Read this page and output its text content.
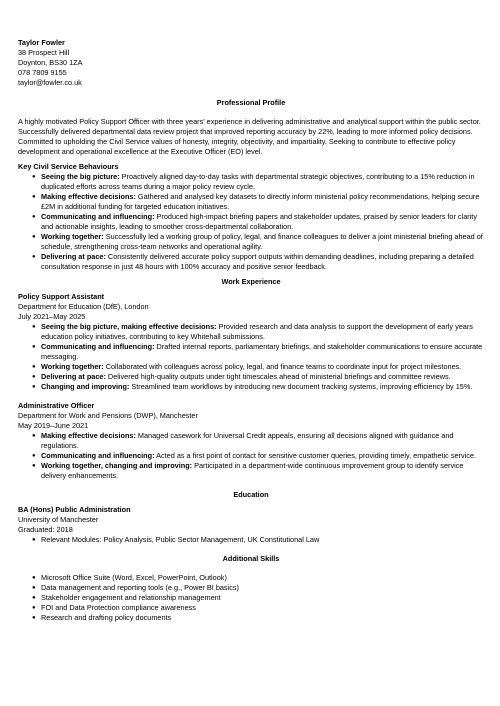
Taylor Fowler
38 Prospect Hill
Doynton, BS30 1ZA
078 7809 9155
taylor@fowler.co.uk
Professional Profile
A highly motivated Policy Support Officer with three years' experience in delivering administrative and analytical support within the public sector. Successfully delivered departmental data review project that improved reporting accuracy by 22%, leading to more informed policy decisions. Committed to upholding the Civil Service values of honesty, integrity, objectivity, and impartiality. Seeking to contribute to effective policy development and operational excellence at the Executive Officer (EO) level.
Key Civil Service Behaviours
● Seeing the big picture: Proactively aligned day-to-day tasks with departmental strategic objectives, contributing to a 15% reduction in duplicated efforts across teams during a major policy review cycle.
● Making effective decisions: Gathered and analysed key datasets to directly inform ministerial policy recommendations, helping secure £2M in additional funding for targeted education initiatives.
● Communicating and influencing: Produced high-impact briefing papers and stakeholder updates, praised by senior leaders for clarity and actionable insights, leading to smoother cross-departmental collaboration.
● Working together: Successfully led a working group of policy, legal, and finance colleagues to deliver a joint ministerial briefing ahead of schedule, strengthening cross-team networks and operational agility.
● Delivering at pace: Consistently delivered accurate policy support outputs within demanding deadlines, including preparing a detailed consultation response in just 48 hours with 100% accuracy and positive senior feedback.
Work Experience
Policy Support Assistant
Department for Education (DfE), London
July 2021–May 2025
● Seeing the big picture, making effective decisions: Provided research and data analysis to support the development of early years education policy initiatives, contributing to key Whitehall submissions.
● Communicating and influencing: Drafted internal reports, parliamentary briefings, and stakeholder communications to ensure accurate messaging.
● Working together: Collaborated with colleagues across policy, legal, and finance teams to coordinate input for project milestones.
● Delivering at pace: Delivered high-quality outputs under tight timescales ahead of ministerial briefings and committee reviews.
● Changing and improving: Streamlined team workflows by introducing new document tracking systems, improving efficiency by 15%.
Administrative Officer
Department for Work and Pensions (DWP), Manchester
May 2019–June 2021
● Making effective decisions: Managed casework for Universal Credit appeals, ensuring all decisions aligned with guidance and regulations.
● Communicating and influencing: Acted as a first point of contact for sensitive customer queries, providing timely, empathetic service.
● Working together, changing and improving: Participated in a department-wide continuous improvement group to identify service delivery enhancements.
Education
BA (Hons) Public Administration
University of Manchester
Graduated: 2018
● Relevant Modules: Policy Analysis, Public Sector Management, UK Constitutional Law
Additional Skills
● Microsoft Office Suite (Word, Excel, PowerPoint, Outlook)
● Data management and reporting tools (e.g., Power BI basics)
● Stakeholder engagement and relationship management
● FOI and Data Protection compliance awareness
● Research and drafting policy documents
